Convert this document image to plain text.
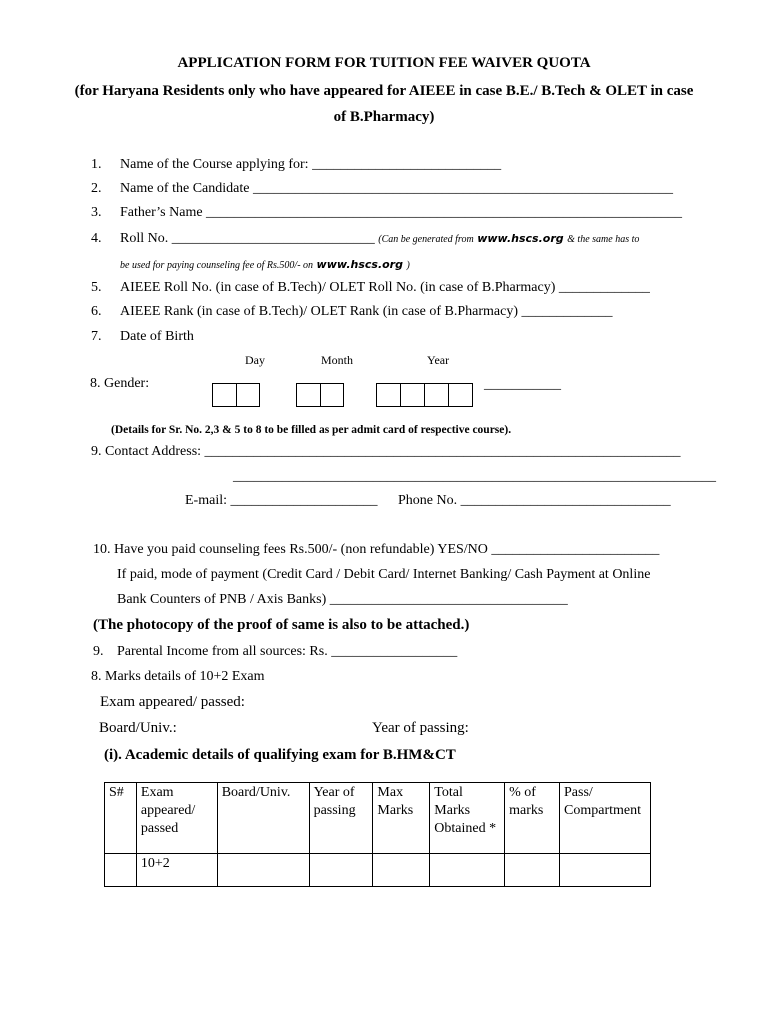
APPLICATION FORM FOR TUITION FEE WAIVER QUOTA
(for Haryana Residents only who have appeared for AIEEE in case B.E./ B.Tech & OLET in case
of B.Pharmacy)
1. Name of the Course applying for: ___________________________
2. Name of the Candidate ____________________________________________________________
3. Father’s Name ____________________________________________________________________
4. Roll No. _____________________________ (Can be generated from www.hscs.org & the same has to
be used for paying counseling fee of Rs.500/- on www.hscs.org )
5. AIEEE Roll No. (in case of B.Tech)/ OLET Roll No. (in case of B.Pharmacy) _____________
6. AIEEE Rank (in case of B.Tech)/ OLET Rank (in case of B.Pharmacy) _____________
7. Date of Birth
Day	Month	Year
8. Gender:	___________
(Details for Sr. No. 2,3 & 5 to 8 to be filled as per admit card of respective course).
9. Contact Address: ____________________________________________________________________
_____________________________________________________________________
E-mail: _____________________ Phone No. ______________________________
10. Have you paid counseling fees Rs.500/- (non refundable) YES/NO ________________________
If paid, mode of payment (Credit Card / Debit Card/ Internet Banking/ Cash Payment at Online
Bank Counters of PNB / Axis Banks) __________________________________
(The photocopy of the proof of same is also to be attached.)
9. Parental Income from all sources: Rs. __________________
8. Marks details of 10+2 Exam
Exam appeared/ passed:
Board/Univ.:	Year of passing:
(i). Academic details of qualifying exam for B.HM&CT
S#	Exam appeared/ passed	Board/Univ.	Year of passing	Max Marks	Total Marks Obtained *	% of marks	Pass/ Compartment
	10+2						
